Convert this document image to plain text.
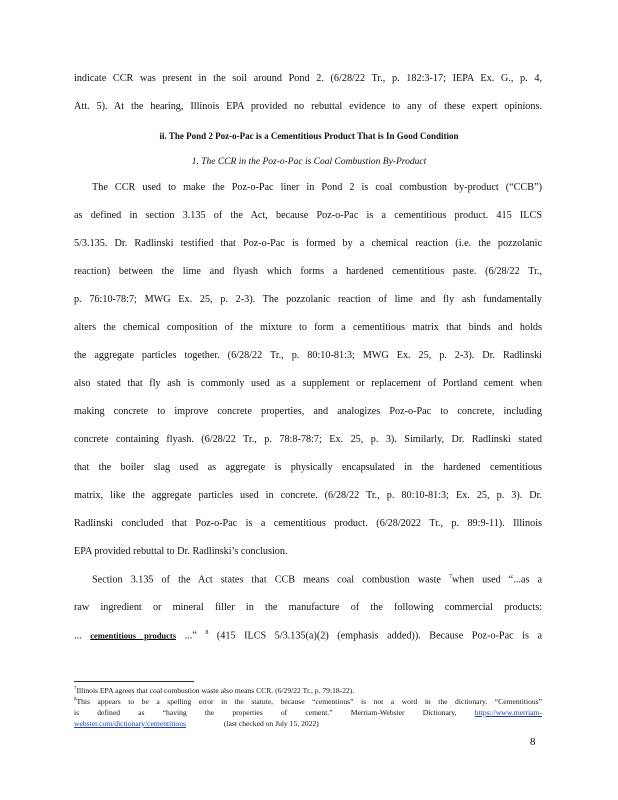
indicate CCR was present in the soil around Pond 2. (6/28/22 Tr., p. 182:3-17; IEPA Ex. G., p. 4,
Att. 5). At the hearing, Illinois EPA provided no rebuttal evidence to any of these expert opinions.
ii. The Pond 2 Poz-o-Pac is a Cementitious Product That is In Good Condition
1. The CCR in the Poz-o-Pac is Coal Combustion By-Product
The CCR used to make the Poz-o-Pac liner in Pond 2 is coal combustion by-product (“CCB”)
as defined in section 3.135 of the Act, because Poz-o-Pac is a cementitious product. 415 ILCS
5/3.135. Dr. Radlinski testified that Poz-o-Pac is formed by a chemical reaction (i.e. the pozzolanic
reaction) between the lime and flyash which forms a hardened cementitious paste. (6/28/22 Tr.,
p. 76:10-78:7; MWG Ex. 25, p. 2-3). The pozzolanic reaction of lime and fly ash fundamentally
alters the chemical composition of the mixture to form a cementitious matrix that binds and holds
the aggregate particles together. (6/28/22 Tr., p. 80:10-81:3; MWG Ex. 25, p. 2-3). Dr. Radlinski
also stated that fly ash is commonly used as a supplement or replacement of Portland cement when
making concrete to improve concrete properties, and analogizes Poz-o-Pac to concrete, including
concrete containing flyash. (6/28/22 Tr., p. 78:8-78:7; Ex. 25, p. 3). Similarly, Dr. Radlinski stated
that the boiler slag used as aggregate is physically encapsulated in the hardened cementitious
matrix, like the aggregate particles used in concrete. (6/28/22 Tr., p. 80:10-81:3; Ex. 25, p. 3). Dr.
Radlinski concluded that Poz-o-Pac is a cementitious product. (6/28/2022 Tr., p. 89:9-11). Illinois
EPA provided rebuttal to Dr. Radlinski’s conclusion.
Section 3.135 of the Act states that CCB means coal combustion waste $^7$when used “...as a
raw ingredient or mineral filler in the manufacture of the following commercial products:
... cementitious products ...” $^8$ (415 ILCS 5/3.135(a)(2) (emphasis added)). Because Poz-o-Pac is a
$^7$Illinois EPA agrees that coal combustion waste also means CCR. (6/29/22 Tr., p. 79:18-22).
$^8$This appears to be a spelling error in the statute, because “cementious” is not a word in the dictionary. “Cementitious”
is defined as “having the properties of cement.” Merriam-Webster Dictionary, https://www.merriam-
webster.com/dictionary/cementitious	(last checked on July 15, 2022)
8
